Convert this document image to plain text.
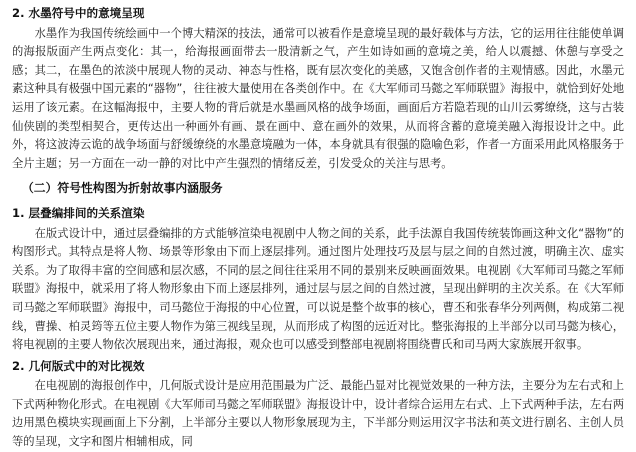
2. 水墨符号中的意境呈现

水墨作为我国传统绘画中一个博大精深的技法，通常可以被看作是意境呈现的最好载体与方法，它的运用往往能使单调的海报版面产生两点变化：其一，给海报画面带去一股清新之气，产生如诗如画的意境之美，给人以震撼、休憩与享受之感；其二，在墨色的浓淡中展现人物的灵动、神态与性格，既有层次变化的美感，又饱含创作者的主观情感。因此，水墨元素这种具有极强中国元素的“器物”，往往被大量使用在各类创作中。在《大军师司马懿之军师联盟》海报中，就恰到好处地运用了该元素。在这幅海报中，主要人物的背后就是水墨画风格的战争场面，画面后方若隐若现的山川云雾缭绕，这与古装仙侠剧的类型相契合，更传达出一种画外有画、景在画中、意在画外的效果，从而将含蓄的意境美融入海报设计之中。此外，将这波涛云诡的战争场面与舒缓缭绕的水墨意境融为一体，本身就具有很强的隐喻色彩，作者一方面采用此风格服务于全片主题；另一方面在一动一静的对比中产生强烈的情绪反差，引发受众的关注与思考。

（二）符号性构图为折射故事内涵服务
1. 层叠编排间的关系渲染

在版式设计中，通过层叠编排的方式能够渲染电视剧中人物之间的关系，此手法源自我国传统装饰画这种文化“器物”的构图形式。其特点是将人物、场景等形象由下而上逐层排列。通过图片处理技巧及层与层之间的自然过渡，明确主次、虚实关系。为了取得丰富的空间感和层次感，不同的层之间往往采用不同的景别来反映画面效果。电视剧《大军师司马懿之军师联盟》海报中，就采用了将人物形象由下而上逐层排列，通过层与层之间的自然过渡，呈现出鲜明的主次关系。在《大军师司马懿之军师联盟》海报中，司马懿位于海报的中心位置，可以说是整个故事的核心，曹丕和张春华分列两侧，构成第二视线，曹操、柏灵筠等五位主要人物作为第三视线呈现，从而形成了构图的远近对比。整张海报的上半部分以司马懿为核心，将电视剧的主要人物依次展现出来，通过海报，观众也可以感受到整部电视剧将围绕曹氏和司马两大家族展开叙事。

2. 几何版式中的对比视效

在电视剧的海报创作中，几何版式设计是应用范围最为广泛、最能凸显对比视觉效果的一种方法，主要分为左右式和上下式两种物化形式。在电视剧《大军师司马懿之军师联盟》海报设计中，设计者综合运用左右式、上下式两种手法，左右两边用黑色模块实现画面上下分割，上半部分主要以人物形象展现为主，下半部分则运用汉字书法和英文进行剧名、主创人员等的呈现，文字和图片相辅相成，同
